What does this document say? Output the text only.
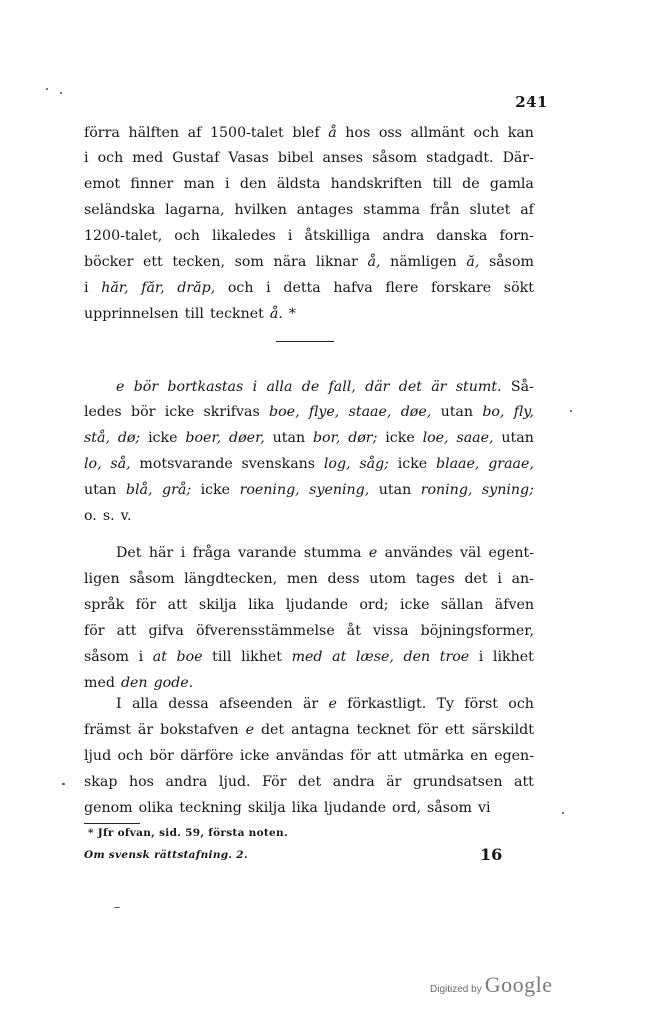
241
förra hälften af 1500-talet blef å hos oss allmänt och kan
i och med Gustaf Vasas bibel anses såsom stadgadt. Där-
emot finner man i den äldsta handskriften till de gamla
seländska lagarna, hvilken antages stamma från slutet af
1200-talet, och likaledes i åtskilliga andra danska forn-
böcker ett tecken, som nära liknar å, nämligen ă, såsom
i hăr, făr, drăp, och i detta hafva flere forskare sökt
upprinnelsen till tecknet å. *
e bör bortkastas i alla de fall, där det är stumt. Så-
ledes bör icke skrifvas boe, flye, staae, døe, utan bo, fly,
stå, dø; icke boer, døer, utan bor, dør; icke loe, saae, utan
lo, så, motsvarande svenskans log, såg; icke blaae, graae,
utan blå, grå; icke roening, syening, utan roning, syning;
o. s. v.
Det här i fråga varande stumma e användes väl egent-
ligen såsom längdtecken, men dess utom tages det i an-
språk för att skilja lika ljudande ord; icke sällan äfven
för att gifva öfverensstämmelse åt vissa böjningsformer,
såsom i at boe till likhet med at læse, den troe i likhet
med den gode.
I alla dessa afseenden är e förkastligt. Ty först och
främst är bokstafven e det antagna tecknet för ett särskildt
ljud och bör därföre icke användas för att utmärka en egen-
skap hos andra ljud. För det andra är grundsatsen att
genom olika teckning skilja lika ljudande ord, såsom vi
* Jfr ofvan, sid. 59, första noten.
Om svensk rättstafning. 2.	16
Digitized by Google
